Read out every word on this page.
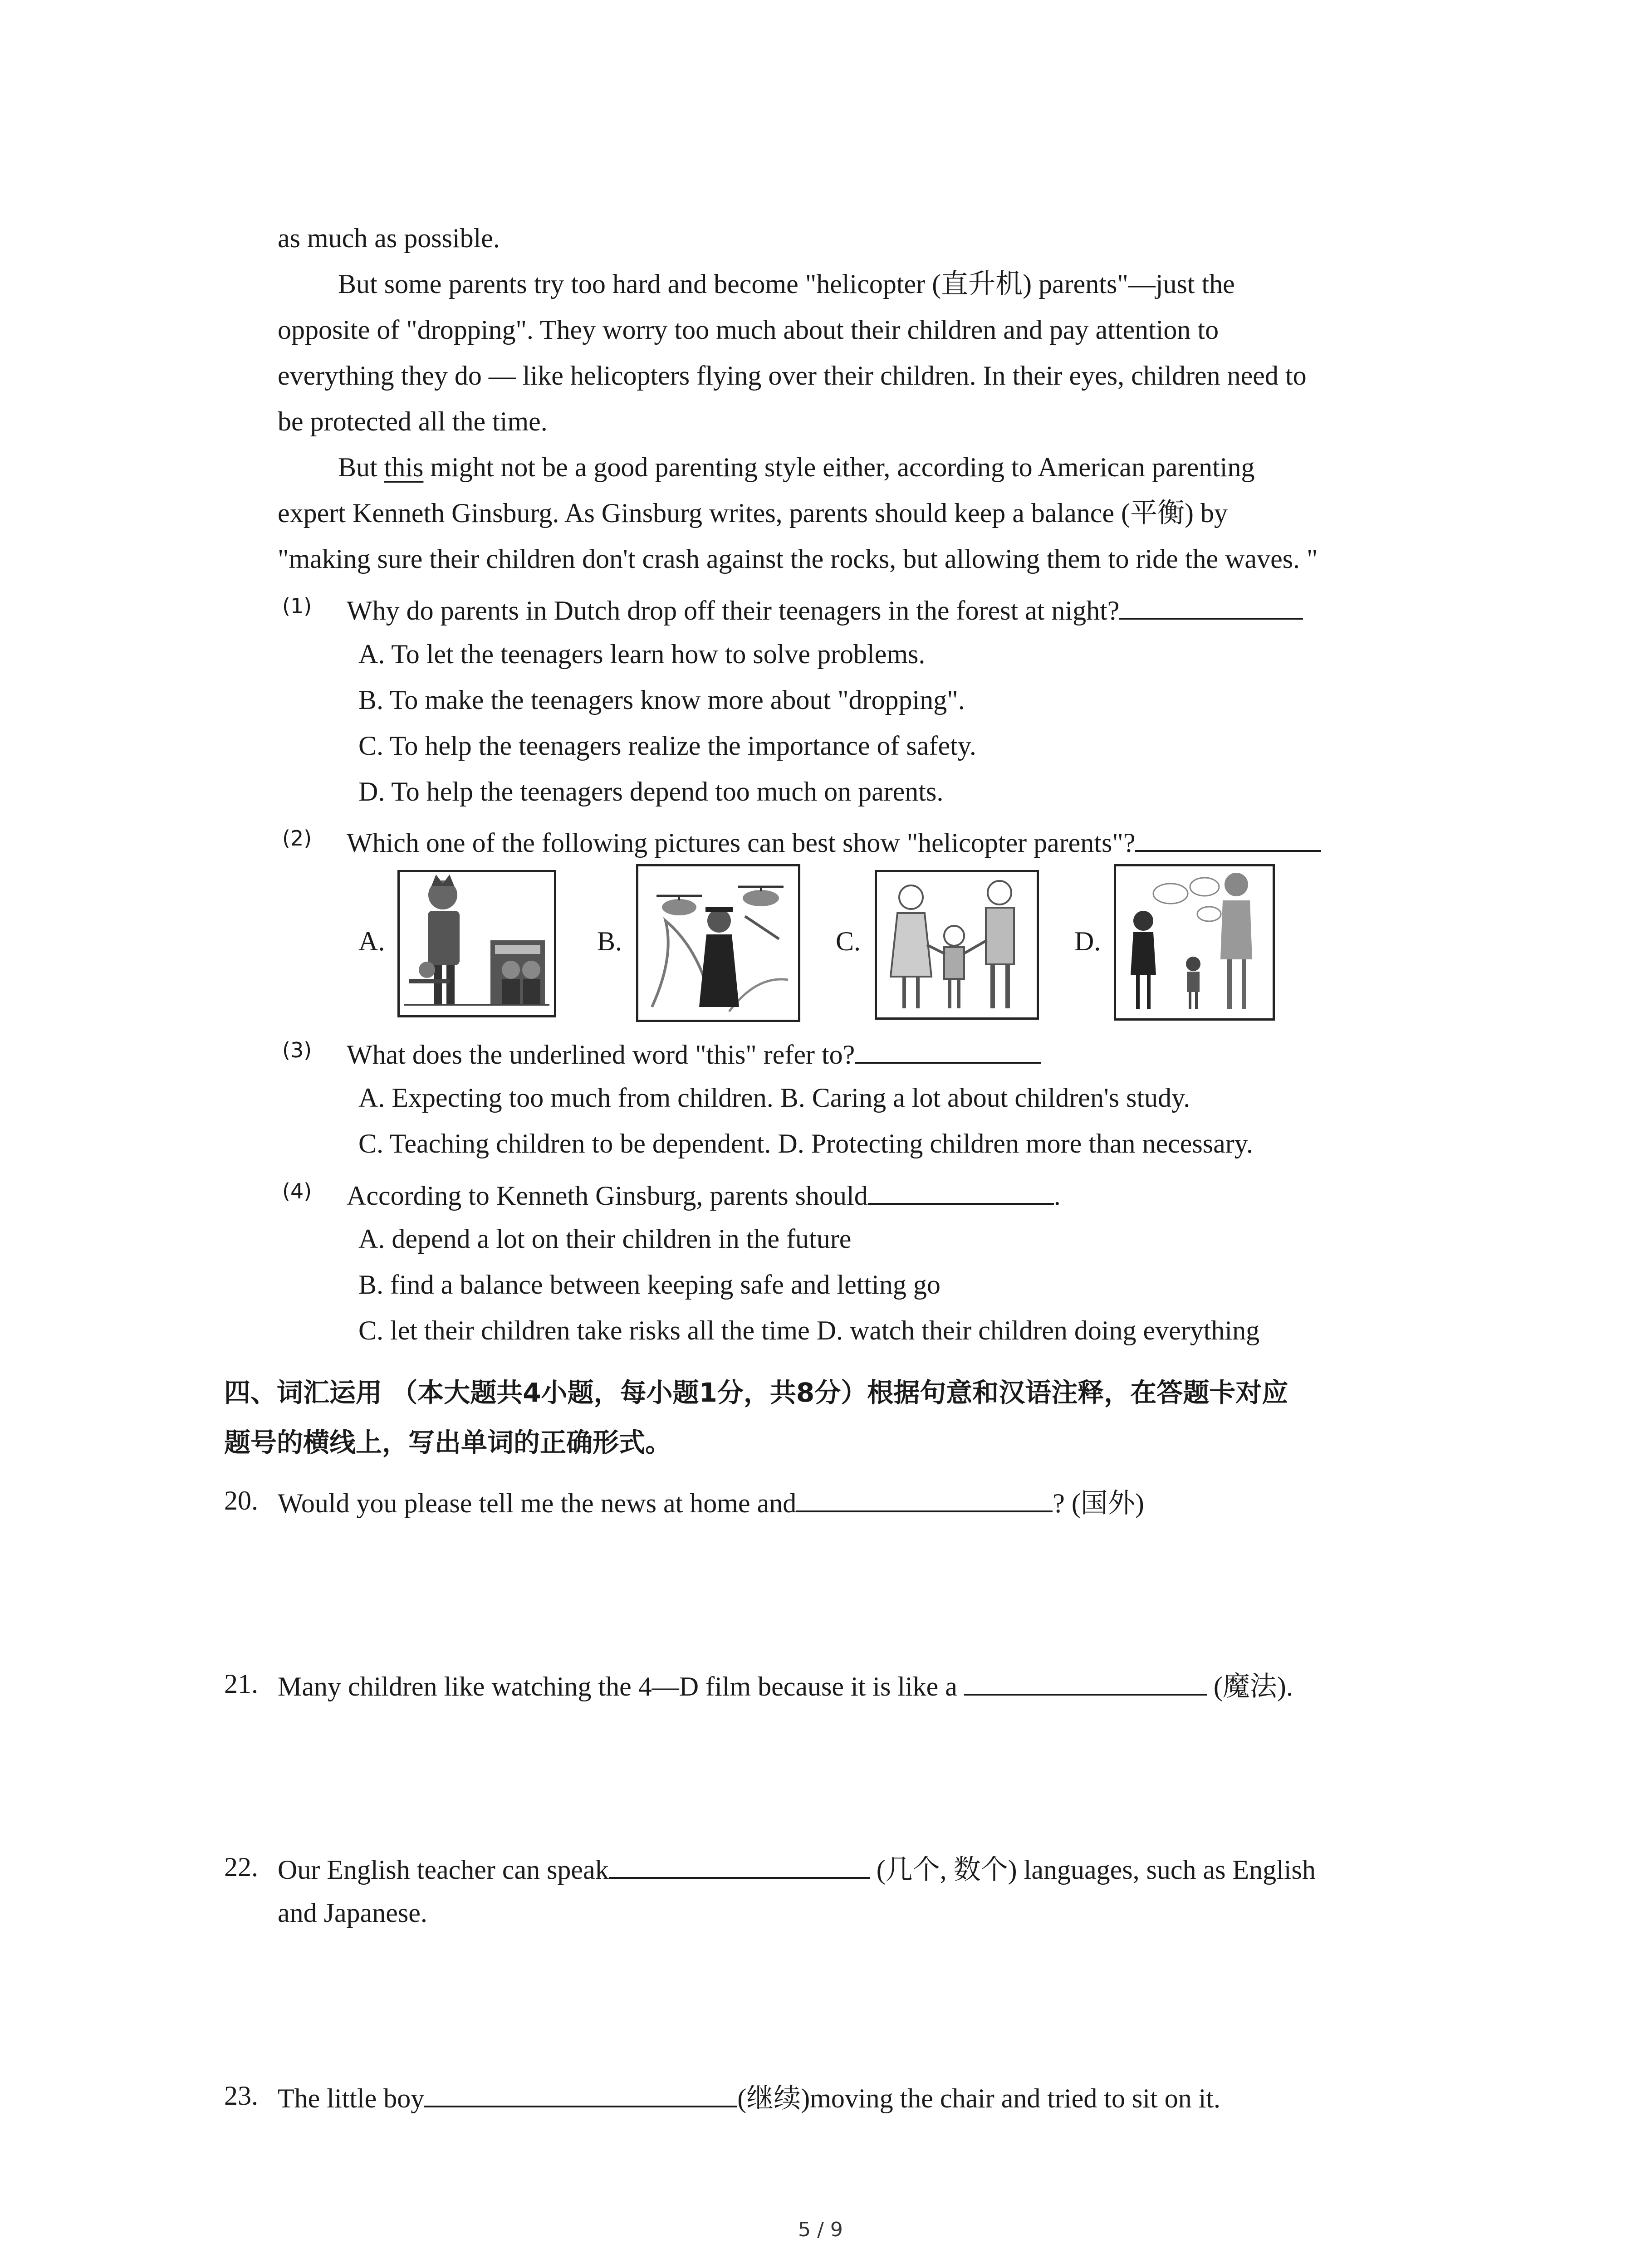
as much as possible.
But some parents try too hard and become "helicopter (直升机) parents"—just the
opposite of "dropping". They worry too much about their children and pay attention to
everything they do — like helicopters flying over their children. In their eyes, children need to
be protected all the time.
But this might not be a good parenting style either, according to American parenting
expert Kenneth Ginsburg. As Ginsburg writes, parents should keep a balance (平衡) by
"making sure their children don't crash against the rocks, but allowing them to ride the waves. "
(1) Why do parents in Dutch drop off their teenagers in the forest at night?
A. To let the teenagers learn how to solve problems.
B. To make the teenagers know more about "dropping".
C. To help the teenagers realize the importance of safety.
D. To help the teenagers depend too much on parents.
(2) Which one of the following pictures can best show "helicopter parents"?
A.	B.	C.	D.
(3) What does the underlined word "this" refer to?
A. Expecting too much from children. B. Caring a lot about children's study.
C. Teaching children to be dependent. D. Protecting children more than necessary.
(4) According to Kenneth Ginsburg, parents should	.
A. depend a lot on their children in the future
B. find a balance between keeping safe and letting go
C. let their children take risks all the time D. watch their children doing everything
四、词汇运用 （本大题共4小题，每小题1分，共8分）根据句意和汉语注释，在答题卡对应
题号的横线上，写出单词的正确形式。
20. Would you please tell me the news at home and	? (国外)
21. Many children like watching the 4—D film because it is like a	(魔法).
22. Our English teacher can speak	(几个, 数个) languages, such as English
and Japanese.
23. The little boy	(继续)moving the chair and tried to sit on it.
5 / 9
